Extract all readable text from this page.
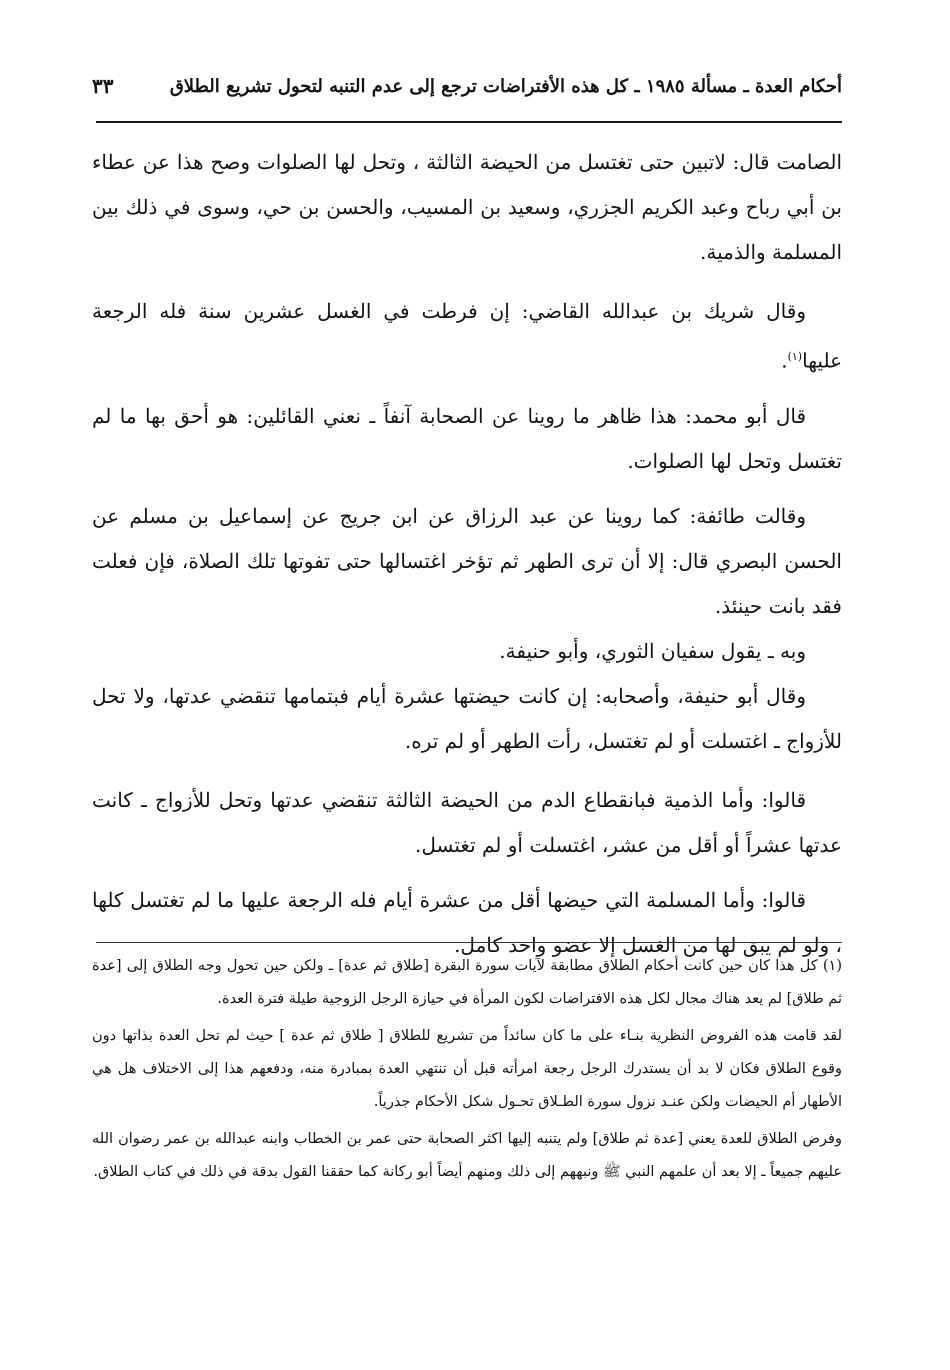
أحكام العدة ـ مسألة ١٩٨٥ ـ كل هذه الأفتراضات ترجع إلى عدم التنبه لتحول تشريع الطلاق
٣٣

الصامت قال: لاتبين حتى تغتسل من الحيضة الثالثة ، وتحل لها الصلوات وصح هذا عن عطاء بن أبي رباح وعبد الكريم الجزري، وسعيد بن المسيب، والحسن بن حي، وسوى في ذلك بين المسلمة والذمية.

وقال شريك بن عبدالله القاضي: إن فرطت في الغسل عشرين سنة فله الرجعة عليها$^{(١)}$.

قال أبو محمد: هذا ظاهر ما روينا عن الصحابة آنفاً ـ نعني القائلين: هو أحق بها ما لم تغتسل وتحل لها الصلوات.

وقالت طائفة: كما روينا عن عبد الرزاق عن ابن جريج عن إسماعيل بن مسلم عن الحسن البصري قال: إلا أن ترى الطهر ثم تؤخر اغتسالها حتى تفوتها تلك الصلاة، فإن فعلت فقد بانت حينئذ.

وبه ـ يقول سفيان الثوري، وأبو حنيفة.

وقال أبو حنيفة، وأصحابه: إن كانت حيضتها عشرة أيام فبتمامها تنقضي عدتها، ولا تحل للأزواج ـ اغتسلت أو لم تغتسل، رأت الطهر أو لم تره.

قالوا: وأما الذمية فبانقطاع الدم من الحيضة الثالثة تنقضي عدتها وتحل للأزواج ـ كانت عدتها عشراً أو أقل من عشر، اغتسلت أو لم تغتسل.

قالوا: وأما المسلمة التي حيضها أقل من عشرة أيام فله الرجعة عليها ما لم تغتسل كلها ، ولو لم يبق لها من الغسل إلا عضو واحد كامل.

(١) كل هذا كان حين كانت أحكام الطلاق مطابقة لآيات سورة البقرة [طلاق ثم عدة] ـ ولكن حين تحول وجه الطلاق إلى [عدة ثم طلاق] لم يعد هناك مجال لكل هذه الافتراضات لكون المرأة في حيازة الرجل الزوجية طيلة فترة العدة.

لقد قامت هذه الفروض النظرية بنـاء على ما كان سائداً من تشريع للطلاق [ طلاق ثم عدة ] حيث لم تحل العدة بذاتها دون وقوع الطلاق فكان لا بد أن يستدرك الرجل رجعة امرأته قبل أن تنتهي العدة بمبادرة منه، ودفعهم هذا إلى الاختلاف هل هي الأطهار أم الحيضات ولكن عنـد نزول سورة الطـلاق تحـول شكل الأحكام جذرياً.

وفرض الطلاق للعدة يعني [عدة ثم طلاق] ولم يتنبه إليها اكثر الصحابة حتى عمر بن الخطاب وابنه عبدالله بن عمر رضوان الله عليهم جميعاً ـ إلا بعد أن علمهم النبي ﷺ ونبههم إلى ذلك ومنهم أيضاً أبو ركانة كما حققنا القول بدقة في ذلك في كتاب الطلاق.
